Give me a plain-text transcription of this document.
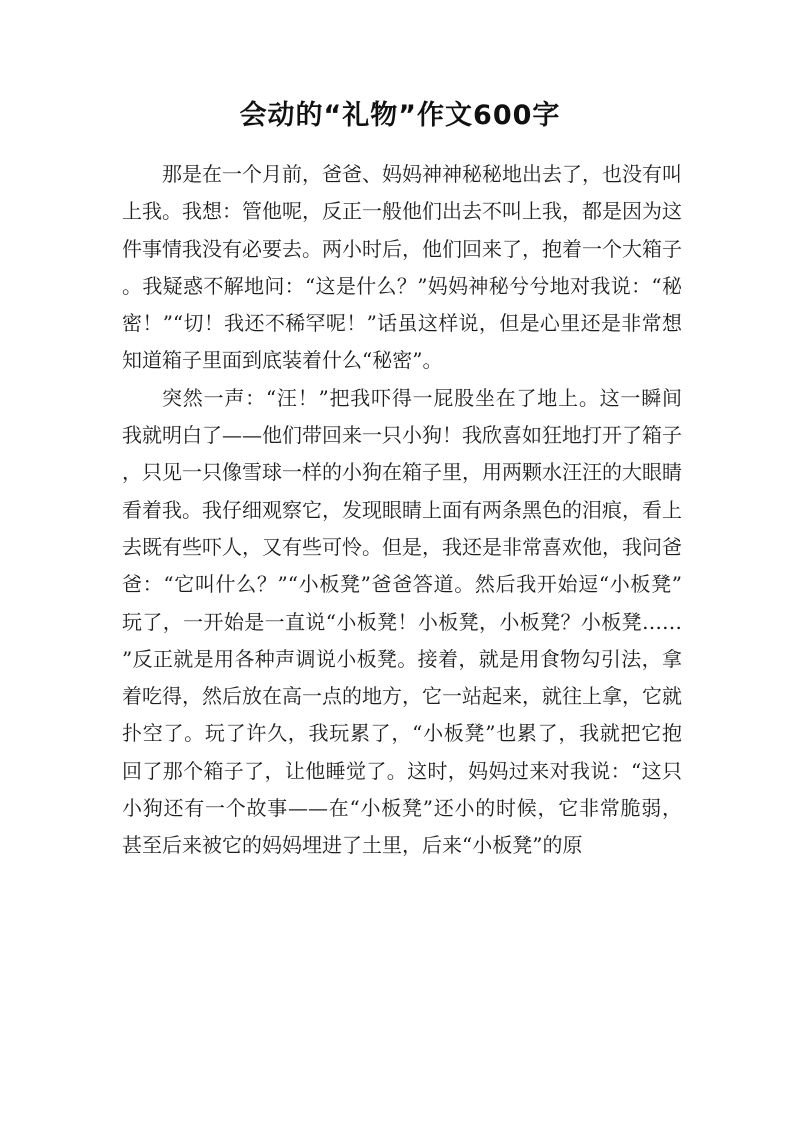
会动的“礼物”作文600字

那是在一个月前，爸爸、妈妈神神秘秘地出去了，也没有叫上我。我想：管他呢，反正一般他们出去不叫上我，都是因为这件事情我没有必要去。两小时后，他们回来了，抱着一个大箱子。我疑惑不解地问：“这是什么？”妈妈神秘兮兮地对我说：“秘密！”“切！我还不稀罕呢！”话虽这样说，但是心里还是非常想知道箱子里面到底装着什么“秘密”。

突然一声：“汪！”把我吓得一屁股坐在了地上。这一瞬间我就明白了——他们带回来一只小狗！我欣喜如狂地打开了箱子，只见一只像雪球一样的小狗在箱子里，用两颗水汪汪的大眼睛看着我。我仔细观察它，发现眼睛上面有两条黑色的泪痕，看上去既有些吓人，又有些可怜。但是，我还是非常喜欢他，我问爸爸：“它叫什么？”“小板凳”爸爸答道。然后我开始逗“小板凳”玩了，一开始是一直说“小板凳！小板凳，小板凳？小板凳……”反正就是用各种声调说小板凳。接着，就是用食物勾引法，拿着吃得，然后放在高一点的地方，它一站起来，就往上拿，它就扑空了。玩了许久，我玩累了，“小板凳”也累了，我就把它抱回了那个箱子了，让他睡觉了。这时，妈妈过来对我说：“这只小狗还有一个故事——在“小板凳”还小的时候，它非常脆弱，甚至后来被它的妈妈埋进了土里，后来“小板凳”的原
